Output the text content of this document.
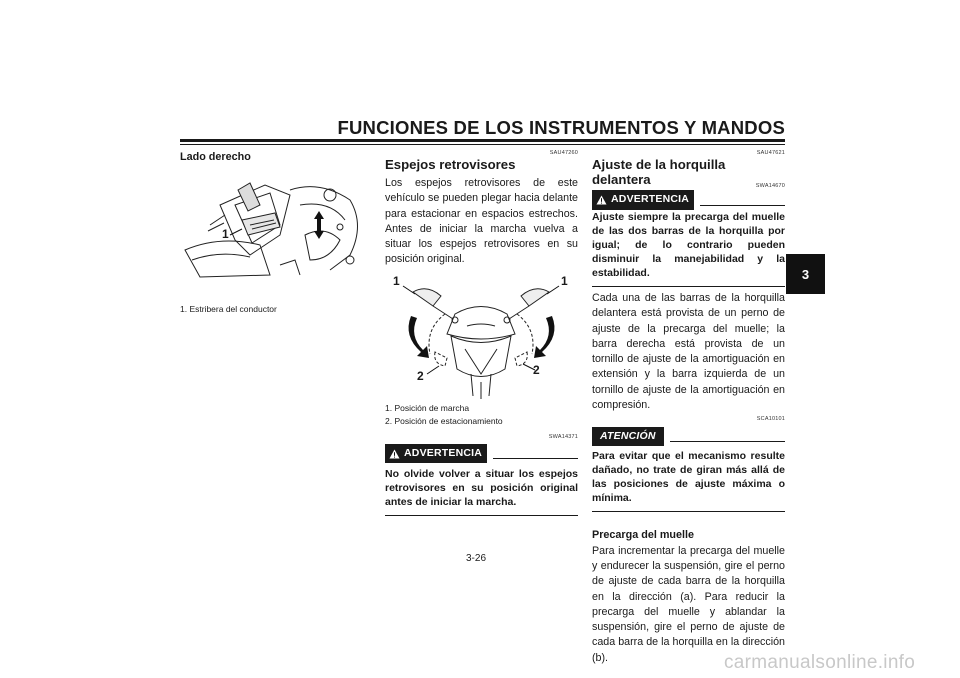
FUNCIONES DE LOS INSTRUMENTOS Y MANDOS
3
Lado derecho
1
1. Estribera del conductor
SAU47260
Espejos retrovisores

Los espejos retrovisores de este vehículo se pueden plegar hacia delante para estacionar en espacios estrechos. Antes de iniciar la marcha vuelva a situar los espejos retrovisores en su posición original.

1	1
2	2
1. Posición de marcha
2. Posición de estacionamiento
SWA14371
ADVERTENCIA
No olvide volver a situar los espejos retrovisores en su posición original antes de iniciar la marcha.
SAU47621
Ajuste de la horquilla delantera
ADVERTENCIA
SWA14670
Ajuste siempre la precarga del muelle de las dos barras de la horquilla por igual; de lo contrario pueden disminuir la manejabilidad y la estabilidad.

Cada una de las barras de la horquilla delantera está provista de un perno de ajuste de la precarga del muelle; la barra derecha está provista de un tornillo de ajuste de la amortiguación en extensión y la barra izquierda de un tornillo de ajuste de la amortiguación en compresión.

SCA10101
ATENCIÓN
Para evitar que el mecanismo resulte dañado, no trate de giran más allá de las posiciones de ajuste máxima o mínima.
Precarga del muelle

Para incrementar la precarga del muelle y endurecer la suspensión, gire el perno de ajuste de cada barra de la horquilla en la dirección (a). Para reducir la precarga del muelle y ablandar la suspensión, gire el perno de ajuste de cada barra de la horquilla en la dirección (b).

3-26
carmanualsonline.info
